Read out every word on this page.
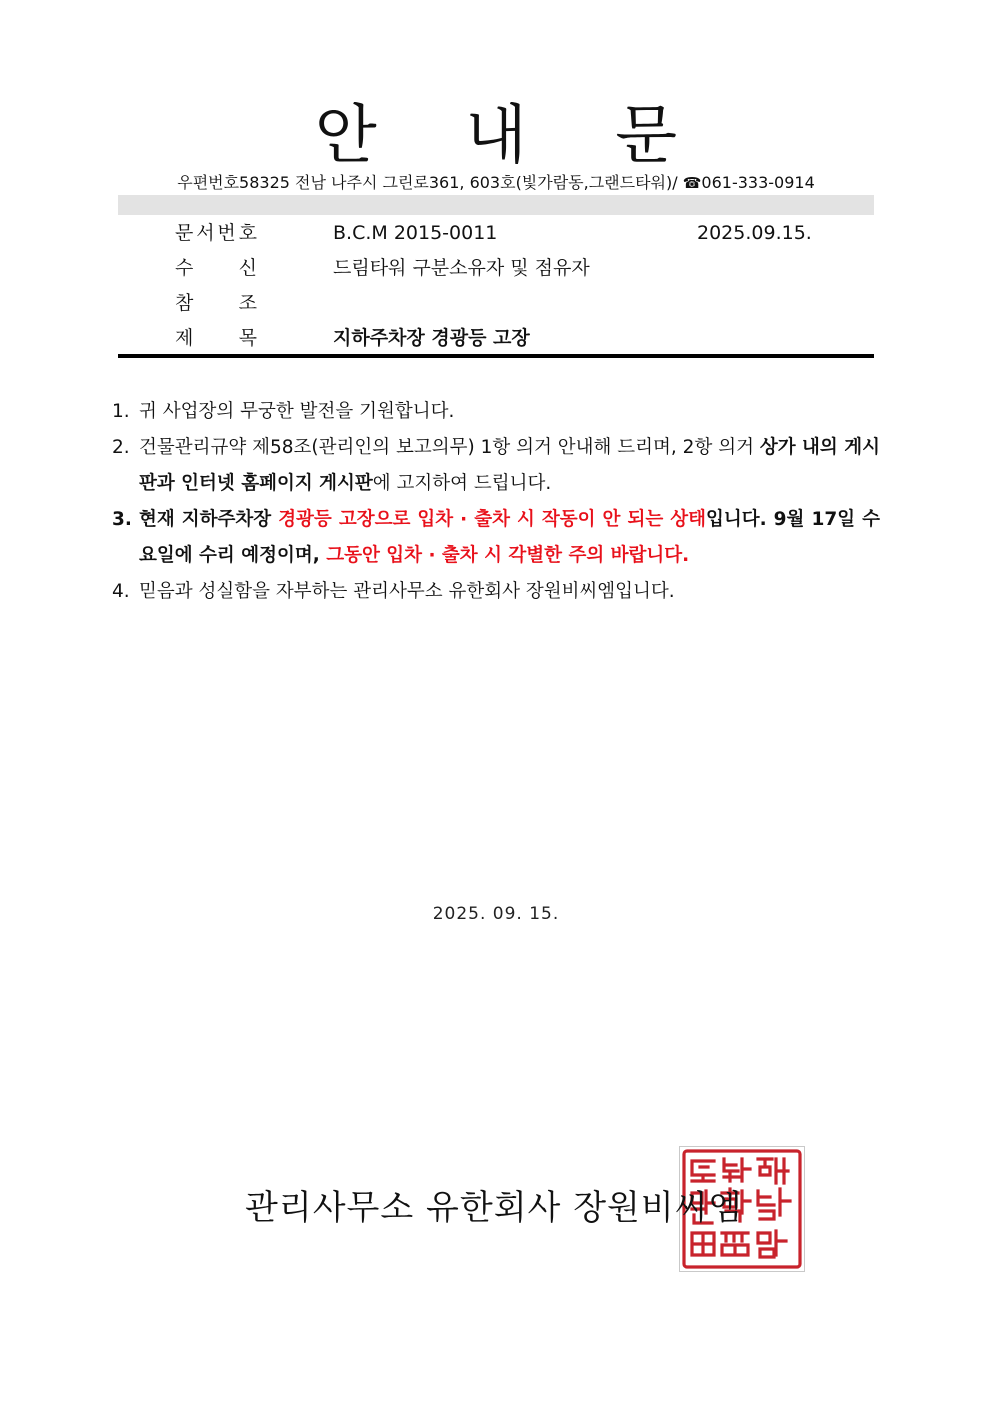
안 내 문
우편번호58325 전남 나주시 그린로361, 603호(빛가람동,그랜드타워)/ ☎061-333-0914
문 서 번 호	B.C.M 2015-0011	2025.09.15.
수 신	드림타워 구분소유자 및 점유자
참 조
제 목	지하주차장 경광등 고장
1. 귀 사업장의 무궁한 발전을 기원합니다.
2. 건물관리규약 제58조(관리인의 보고의무) 1항 의거 안내해 드리며, 2항 의거 상가 내의 게시판과 인터넷 홈페이지 게시판에 고지하여 드립니다.
3. 현재 지하주차장 경광등 고장으로 입차 · 출차 시 작동이 안 되는 상태입니다. 9월 17일 수요일에 수리 예정이며, 그동안 입차 · 출차 시 각별한 주의 바랍니다.
4. 믿음과 성실함을 자부하는 관리사무소 유한회사 장원비씨엠입니다.
2025. 09. 15.
관리사무소 유한회사 장원비씨엠
